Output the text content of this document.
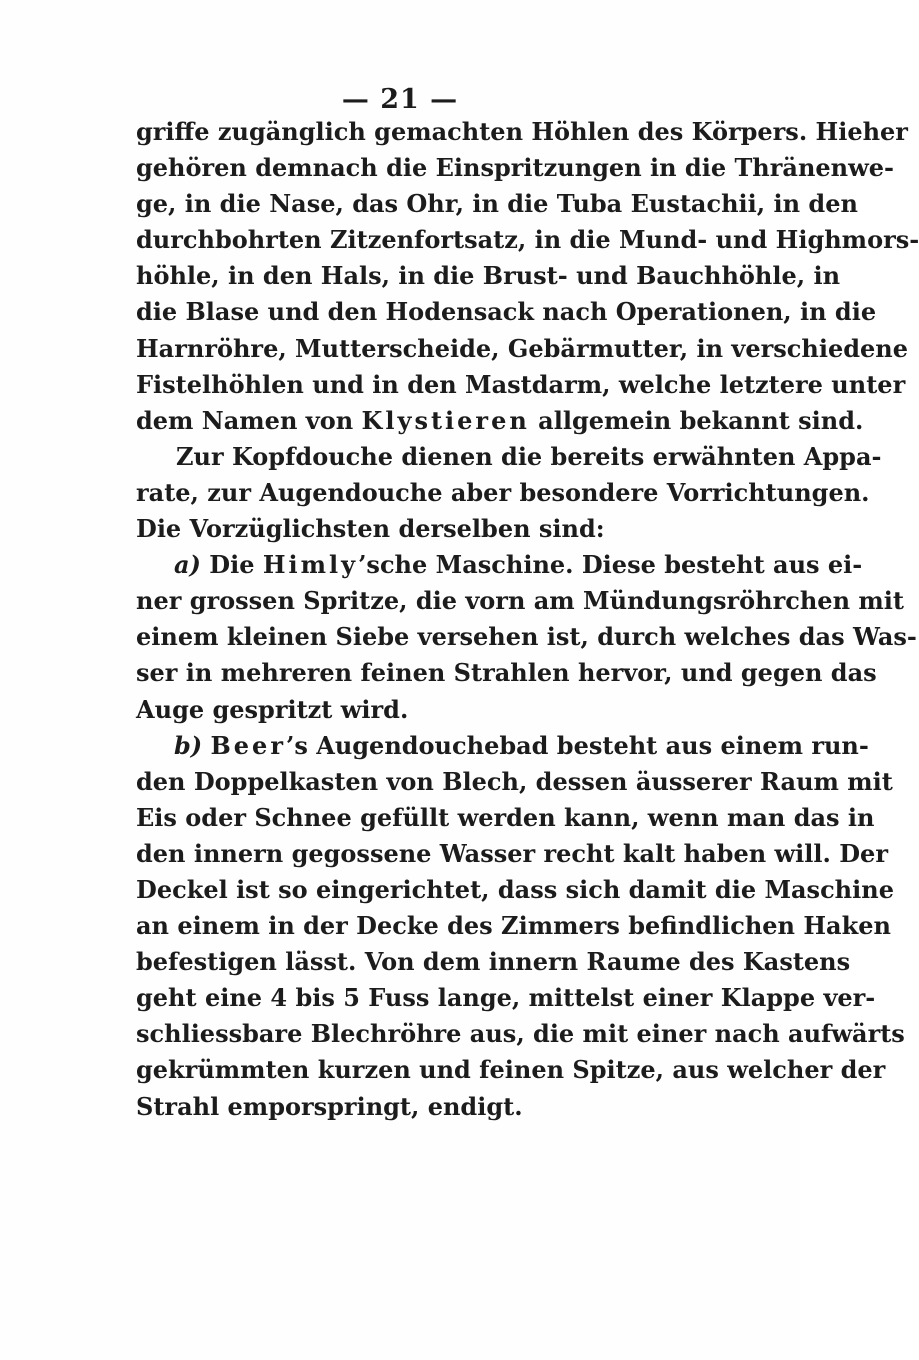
— 21 —
griffe zugänglich gemachten Höhlen des Körpers. Hieher
gehören demnach die Einspritzungen in die Thränenwe-
ge, in die Nase, das Ohr, in die Tuba Eustachii, in den
durchbohrten Zitzenfortsatz, in die Mund- und Highmors-
höhle, in den Hals, in die Brust- und Bauchhöhle, in
die Blase und den Hodensack nach Operationen, in die
Harnröhre, Mutterscheide, Gebärmutter, in verschiedene
Fistelhöhlen und in den Mastdarm, welche letztere unter
dem Namen von Klystieren allgemein bekannt sind.
Zur Kopfdouche dienen die bereits erwähnten Appa-
rate, zur Augendouche aber besondere Vorrichtungen.
Die Vorzüglichsten derselben sind:
a) Die Himly’sche Maschine. Diese besteht aus ei-
ner grossen Spritze, die vorn am Mündungsröhrchen mit
einem kleinen Siebe versehen ist, durch welches das Was-
ser in mehreren feinen Strahlen hervor, und gegen das
Auge gespritzt wird.
b) Beer’s Augendouchebad besteht aus einem run-
den Doppelkasten von Blech, dessen äusserer Raum mit
Eis oder Schnee gefüllt werden kann, wenn man das in
den innern gegossene Wasser recht kalt haben will. Der
Deckel ist so eingerichtet, dass sich damit die Maschine
an einem in der Decke des Zimmers befindlichen Haken
befestigen lässt. Von dem innern Raume des Kastens
geht eine 4 bis 5 Fuss lange, mittelst einer Klappe ver-
schliessbare Blechröhre aus, die mit einer nach aufwärts
gekrümmten kurzen und feinen Spitze, aus welcher der
Strahl emporspringt, endigt.
